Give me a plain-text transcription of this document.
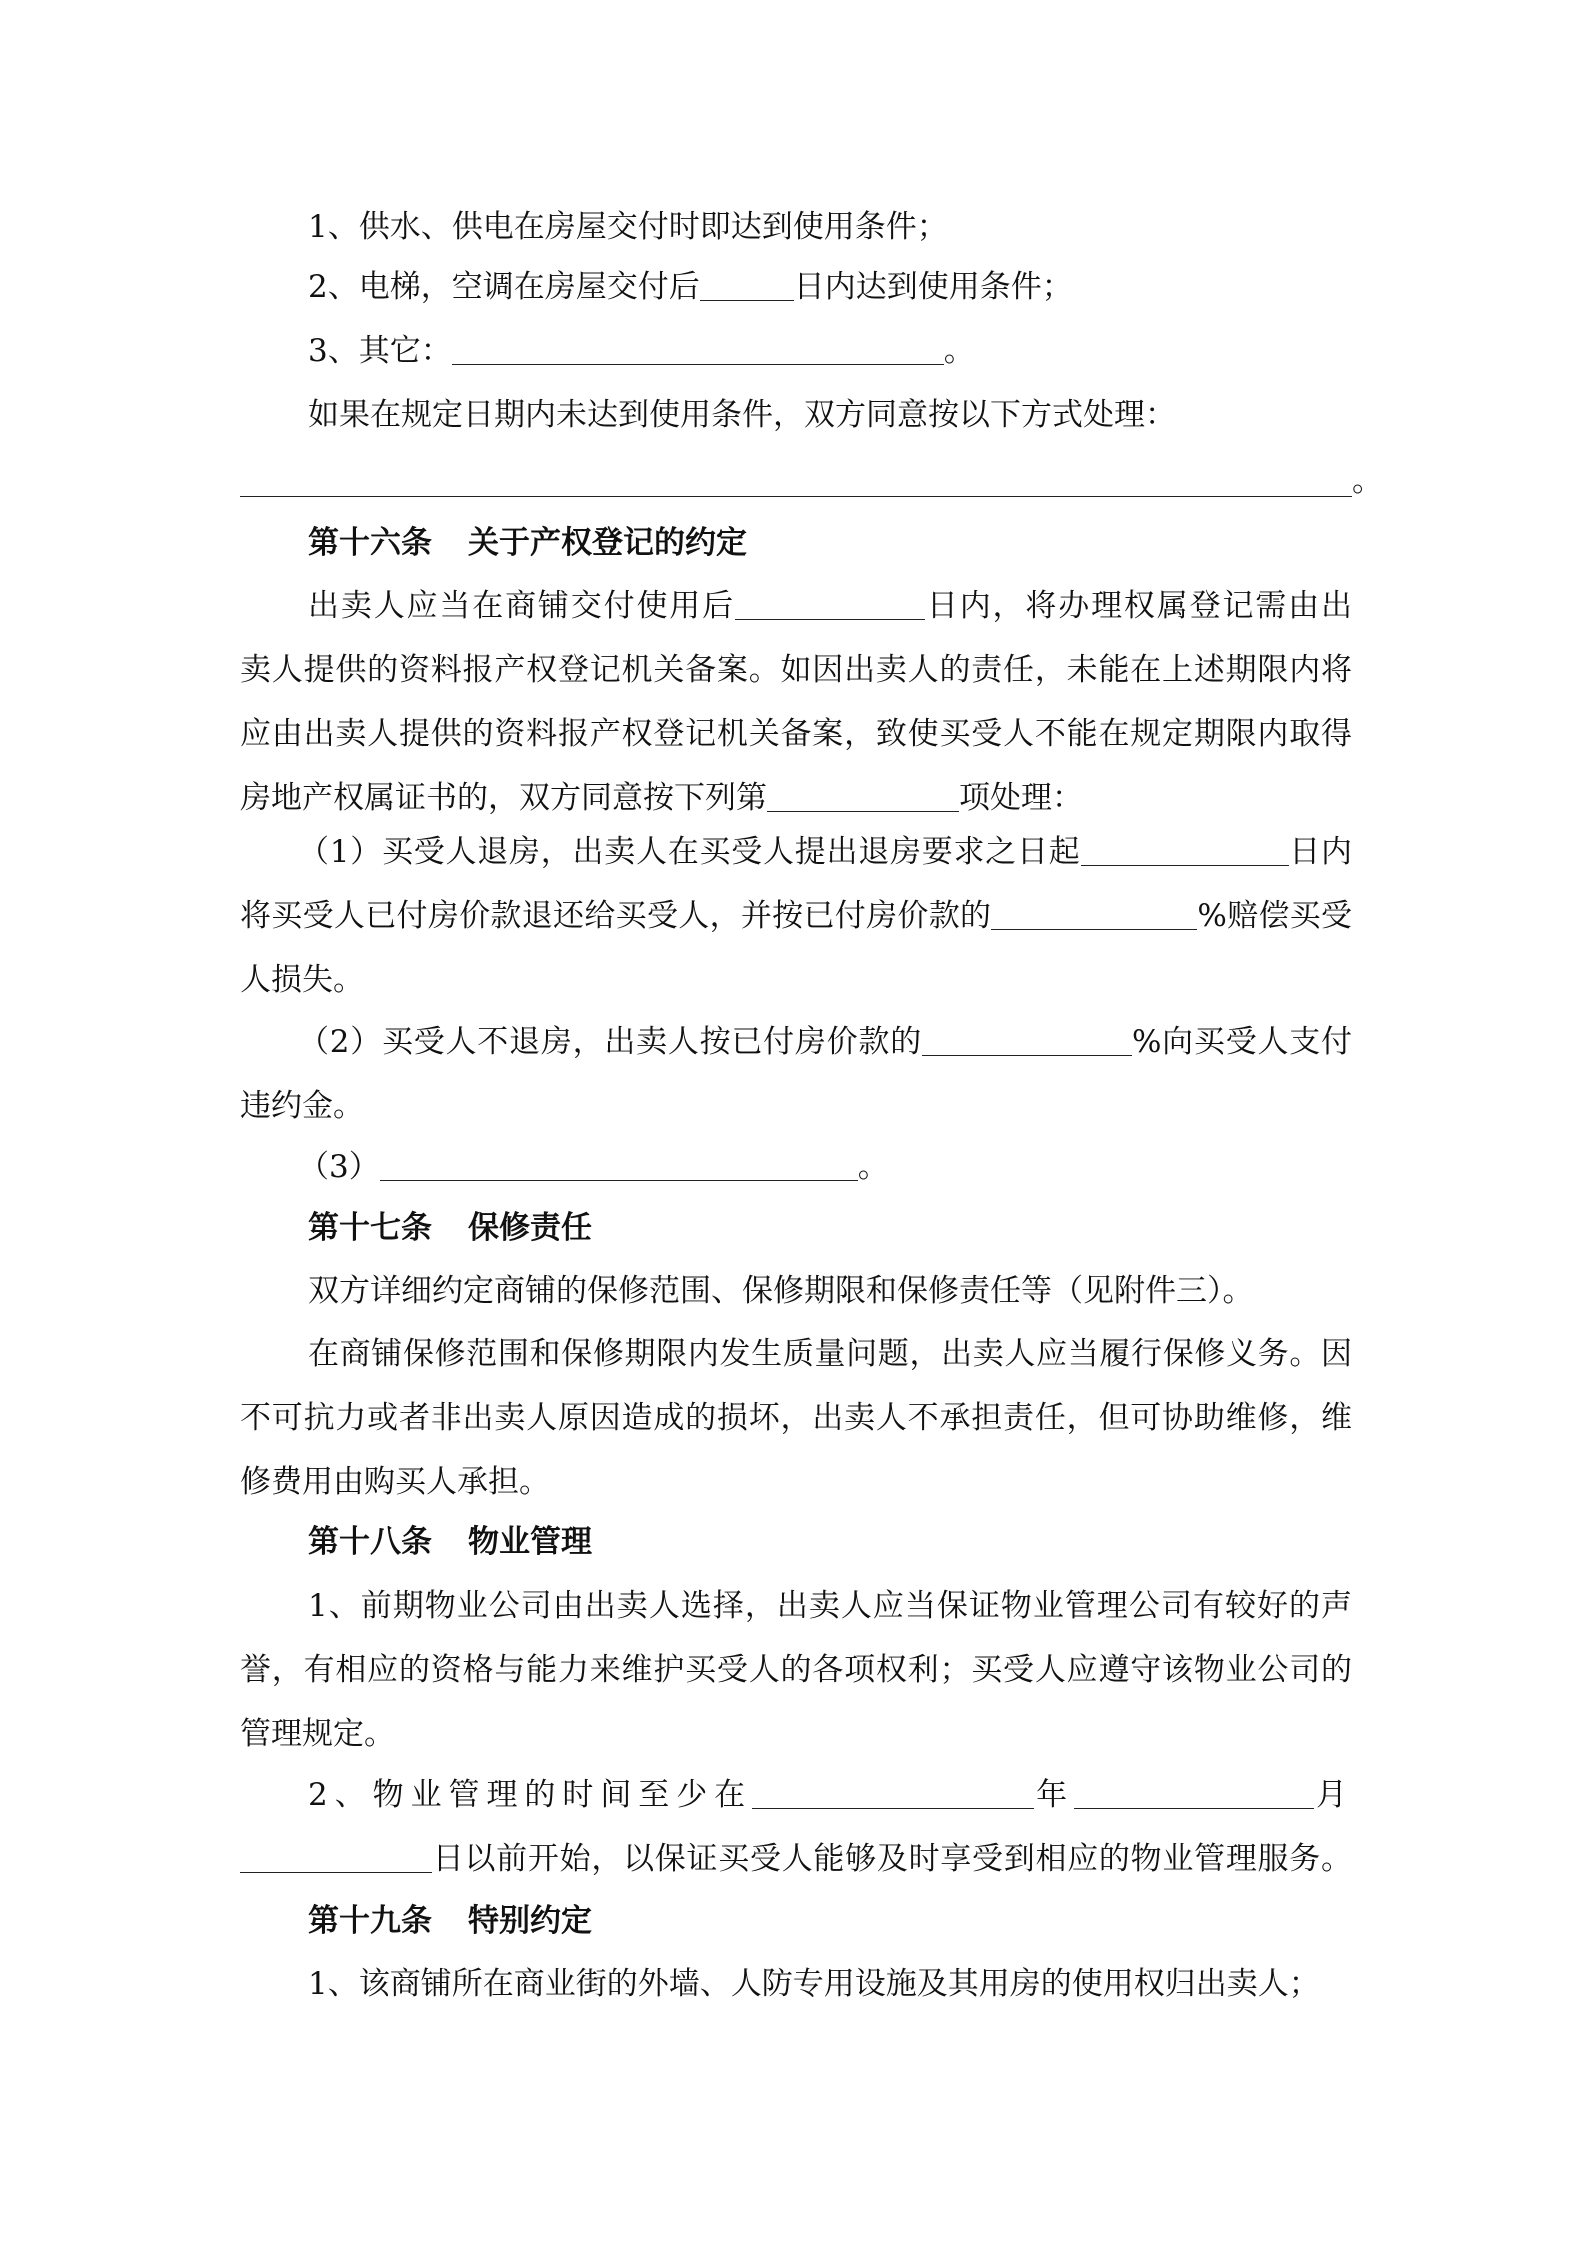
1、供水、供电在房屋交付时即达到使用条件；
2、电梯，空调在房屋交付后	日内达到使用条件；
3、其它：	。
如果在规定日期内未达到使用条件，双方同意按以下方式处理：
。
第十六条 关于产权登记的约定
出卖人应当在商铺交付使用后	日内，将办理权属登记需由出
卖人提供的资料报产权登记机关备案。如因出卖人的责任，未能在上述期限内将
应由出卖人提供的资料报产权登记机关备案，致使买受人不能在规定期限内取得
房地产权属证书的，双方同意按下列第	项处理：
（1）买受人退房，出卖人在买受人提出退房要求之日起	日内
将买受人已付房价款退还给买受人，并按已付房价款的	%赔偿买受
人损失。
（2）买受人不退房，出卖人按已付房价款的	%向买受人支付
违约金。
（3）	。
第十七条 保修责任
双方详细约定商铺的保修范围、保修期限和保修责任等（见附件三）。
在商铺保修范围和保修期限内发生质量问题，出卖人应当履行保修义务。因
不可抗力或者非出卖人原因造成的损坏，出卖人不承担责任，但可协助维修，维
修费用由购买人承担。
第十八条 物业管理
1、前期物业公司由出卖人选择，出卖人应当保证物业管理公司有较好的声
誉，有相应的资格与能力来维护买受人的各项权利；买受人应遵守该物业公司的
管理规定。
2、物业管理的时间至少在	年	月
日以前开始，以保证买受人能够及时享受到相应的物业管理服务。
第十九条 特别约定
1、该商铺所在商业街的外墙、人防专用设施及其用房的使用权归出卖人；
